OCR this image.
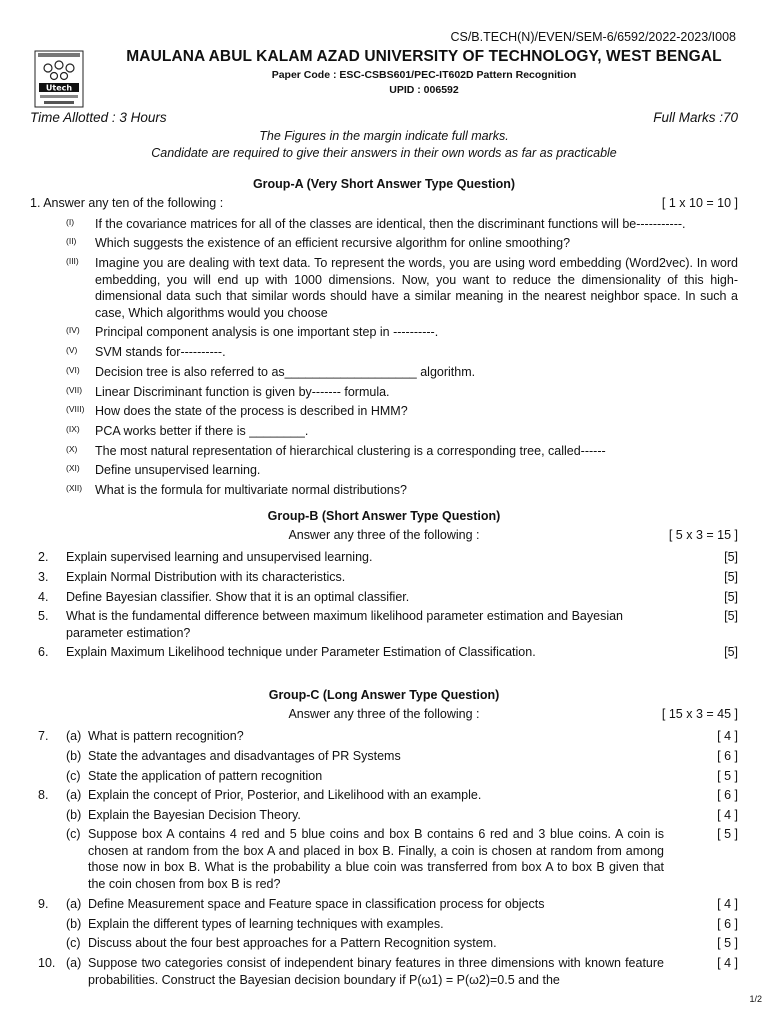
CS/B.TECH(N)/EVEN/SEM-6/6592/2022-2023/I008
Utech
MAULANA ABUL KALAM AZAD UNIVERSITY OF TECHNOLOGY, WEST BENGAL
Paper Code : ESC-CSBS601/PEC-IT602D Pattern Recognition
UPID : 006592
Time Allotted : 3 Hours	Full Marks :70
The Figures in the margin indicate full marks.
Candidate are required to give their answers in their own words as far as practicable
Group-A (Very Short Answer Type Question)
1. Answer any ten of the following :	[ 1 x 10 = 10 ]
(I)	If the covariance matrices for all of the classes are identical, then the discriminant functions will be-----------.
(II)	Which suggests the existence of an efficient recursive algorithm for online smoothing?
(III)	Imagine you are dealing with text data. To represent the words, you are using word embedding (Word2vec). In word embedding, you will end up with 1000 dimensions. Now, you want to reduce the dimensionality of this high-dimensional data such that similar words should have a similar meaning in the nearest neighbor space. In such a case, Which algorithms would you choose
(IV)	Principal component analysis is one important step in ----------.
(V)	SVM stands for----------.
(VI)	Decision tree is also referred to as___________________ algorithm.
(VII)	Linear Discriminant function is given by------- formula.
(VIII) How does the state of the process is described in HMM?
(IX)	PCA works better if there is ________.
(X)	The most natural representation of hierarchical clustering is a corresponding tree, called------
(XI)	Define unsupervised learning.
(XII)	What is the formula for multivariate normal distributions?
Group-B (Short Answer Type Question)
Answer any three of the following :	[ 5 x 3 = 15 ]
2.	Explain supervised learning and unsupervised learning.	[5]
3.	Explain Normal Distribution with its characteristics.	[5]
4.	Define Bayesian classifier. Show that it is an optimal classifier.	[5]
5.	What is the fundamental difference between maximum likelihood parameter estimation and Bayesian parameter estimation?
[5]
6.	Explain Maximum Likelihood technique under Parameter Estimation of Classification.	[5]
Group-C (Long Answer Type Question)
Answer any three of the following :	[ 15 x 3 = 45 ]
7.	(a) What is pattern recognition?	[ 4 ]
(b) State the advantages and disadvantages of PR Systems	[ 6 ]
(c) State the application of pattern recognition	[ 5 ]
8.	(a) Explain the concept of Prior, Posterior, and Likelihood with an example.	[ 6 ]
(b) Explain the Bayesian Decision Theory.	[ 4 ]
(c) Suppose box A contains 4 red and 5 blue coins and box B contains 6 red and 3 blue coins. A coin is chosen at random from the box A and placed in box B. Finally, a coin is chosen at random from among those now in box B. What is the probability a blue coin was transferred from box A to box B given that the coin chosen from box B is red?
[ 5 ]
9.	(a) Define Measurement space and Feature space in classification process for objects	[ 4 ]
(b) Explain the different types of learning techniques with examples.	[ 6 ]
(c) Discuss about the four best approaches for a Pattern Recognition system.	[ 5 ]
10. (a) Suppose two categories consist of independent binary features in three dimensions with known feature probabilities. Construct the Bayesian decision boundary if P(ω1) = P(ω2)=0.5 and the
[ 4 ]
1/2
